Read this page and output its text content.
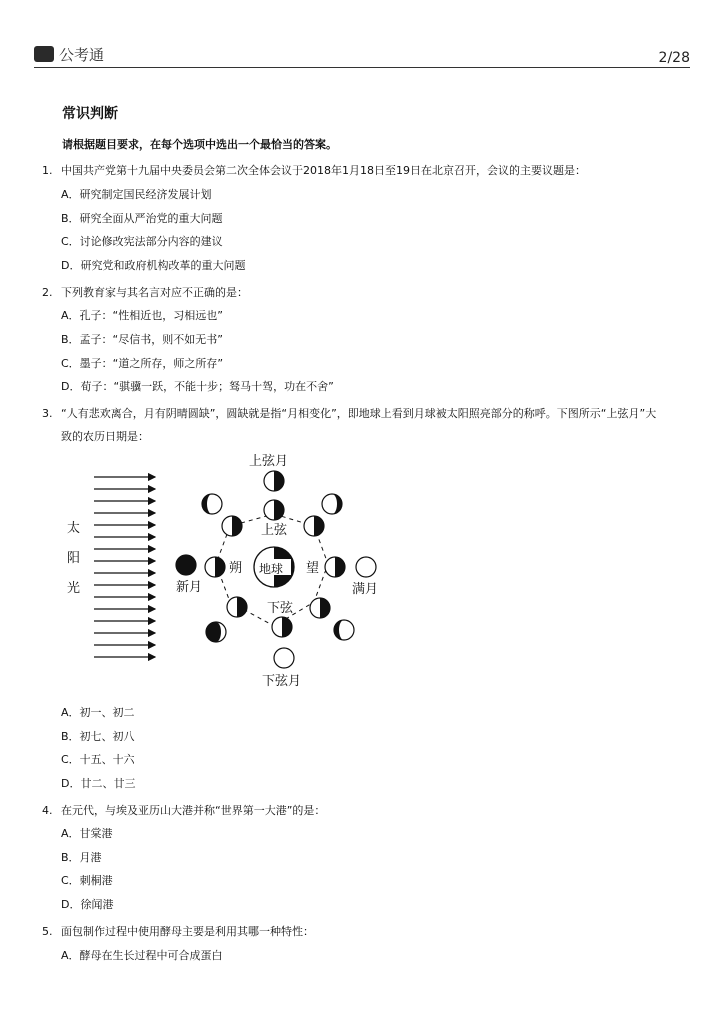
公考通	2/28
常识判断
请根据题目要求，在每个选项中选出一个最恰当的答案。
1. 中国共产党第十九届中央委员会第二次全体会议于2018年1月18日至19日在北京召开，会议的主要议题是：
A．研究制定国民经济发展计划
B．研究全面从严治党的重大问题
C．讨论修改宪法部分内容的建议
D．研究党和政府机构改革的重大问题
2. 下列教育家与其名言对应不正确的是：
A．孔子：“性相近也，习相远也”
B．孟子：“尽信书，则不如无书”
C．墨子：“道之所存，师之所存”
D．荀子：“骐骥一跃，不能十步；驽马十驾，功在不舍”
3. “人有悲欢离合，月有阴晴圆缺”，圆缺就是指“月相变化”，即地球上看到月球被太阳照亮部分的称呼。下图所示“上弦月”大
致的农历日期是：
太
阳
光
地球
上弦月
满月
下弦月
新月
上弦
朔	望
下弦
A．初一、初二
B．初七、初八
C．十五、十六
D．廿二、廿三
4. 在元代，与埃及亚历山大港并称“世界第一大港”的是：
A．甘棠港
B．月港
C．刺桐港
D．徐闻港
5. 面包制作过程中使用酵母主要是利用其哪一种特性：
A．酵母在生长过程中可合成蛋白
